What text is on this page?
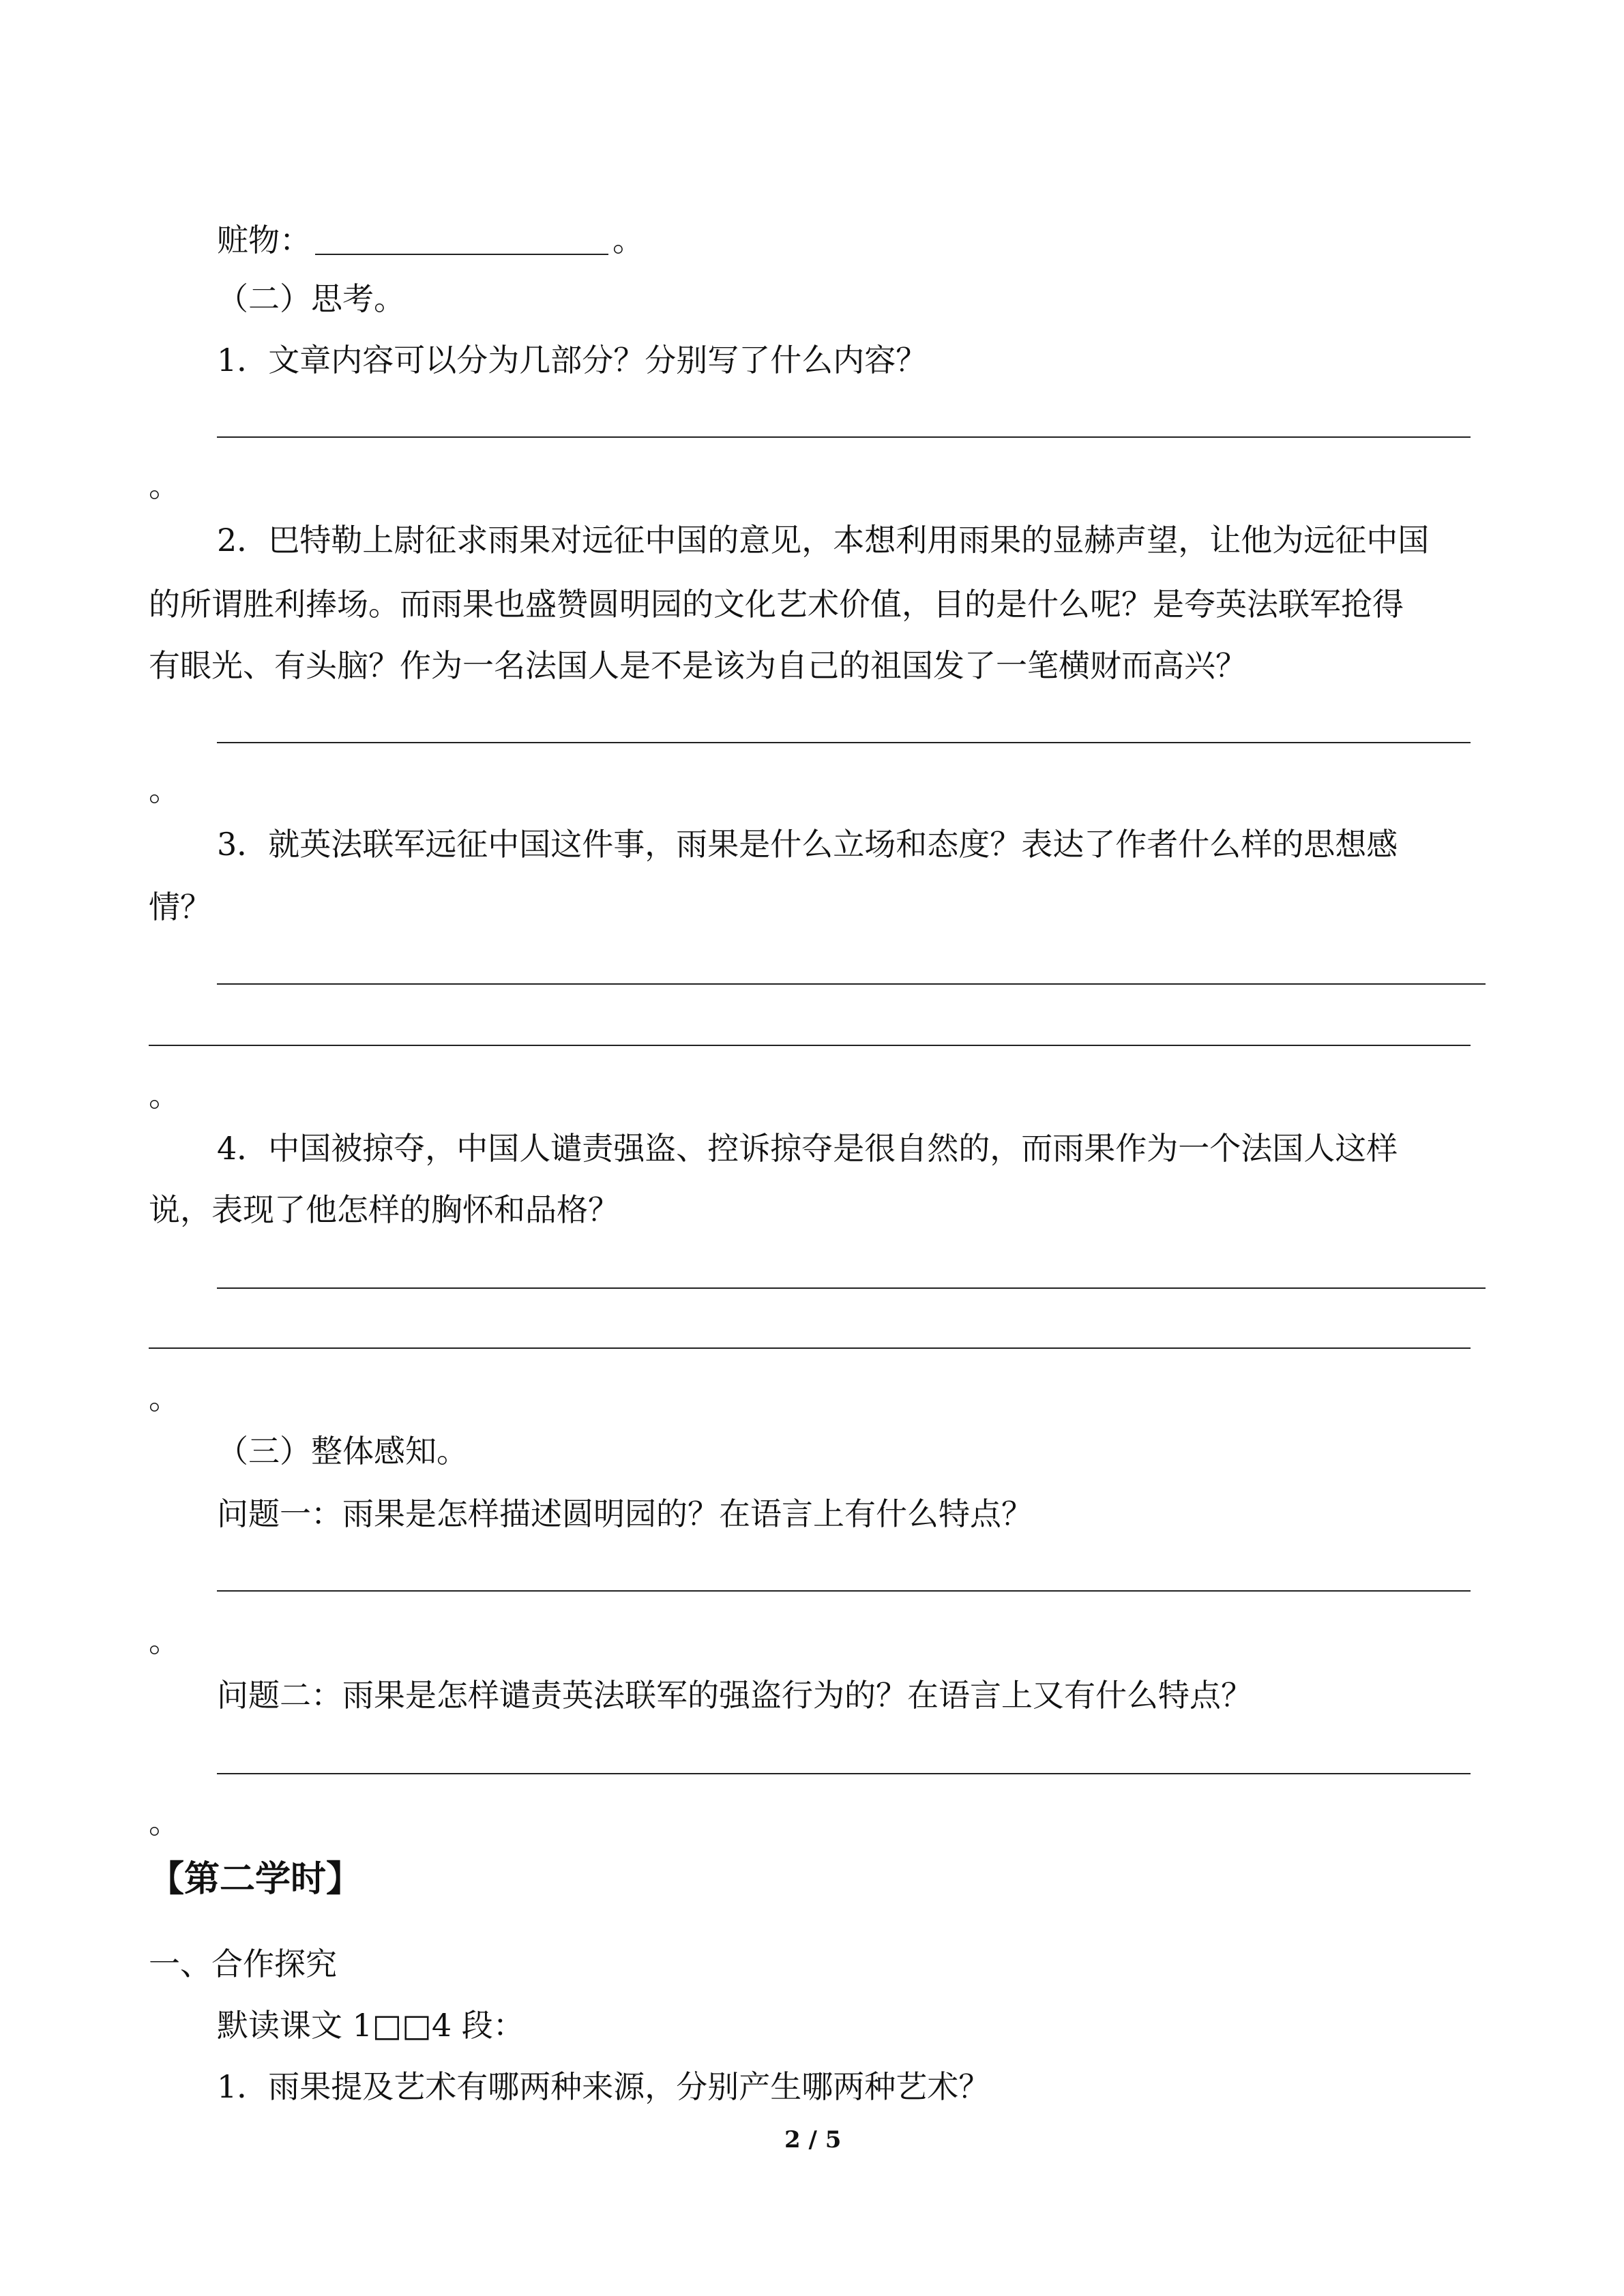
赃物：	。
（二）思考。
1．文章内容可以分为几部分？分别写了什么内容？
。
2．巴特勒上尉征求雨果对远征中国的意见，本想利用雨果的显赫声望，让他为远征中国
的所谓胜利捧场。而雨果也盛赞圆明园的文化艺术价值，目的是什么呢？是夸英法联军抢得
有眼光、有头脑？作为一名法国人是不是该为自己的祖国发了一笔横财而高兴？
。
3．就英法联军远征中国这件事，雨果是什么立场和态度？表达了作者什么样的思想感
情？
。
4．中国被掠夺，中国人谴责强盗、控诉掠夺是很自然的，而雨果作为一个法国人这样
说，表现了他怎样的胸怀和品格？
。
（三）整体感知。
问题一：雨果是怎样描述圆明园的？在语言上有什么特点？
。
问题二：雨果是怎样谴责英法联军的强盗行为的？在语言上又有什么特点？
。
【第二学时】
一、合作探究
默读课文 1□□4 段：
1．雨果提及艺术有哪两种来源，分别产生哪两种艺术？
2 / 5
